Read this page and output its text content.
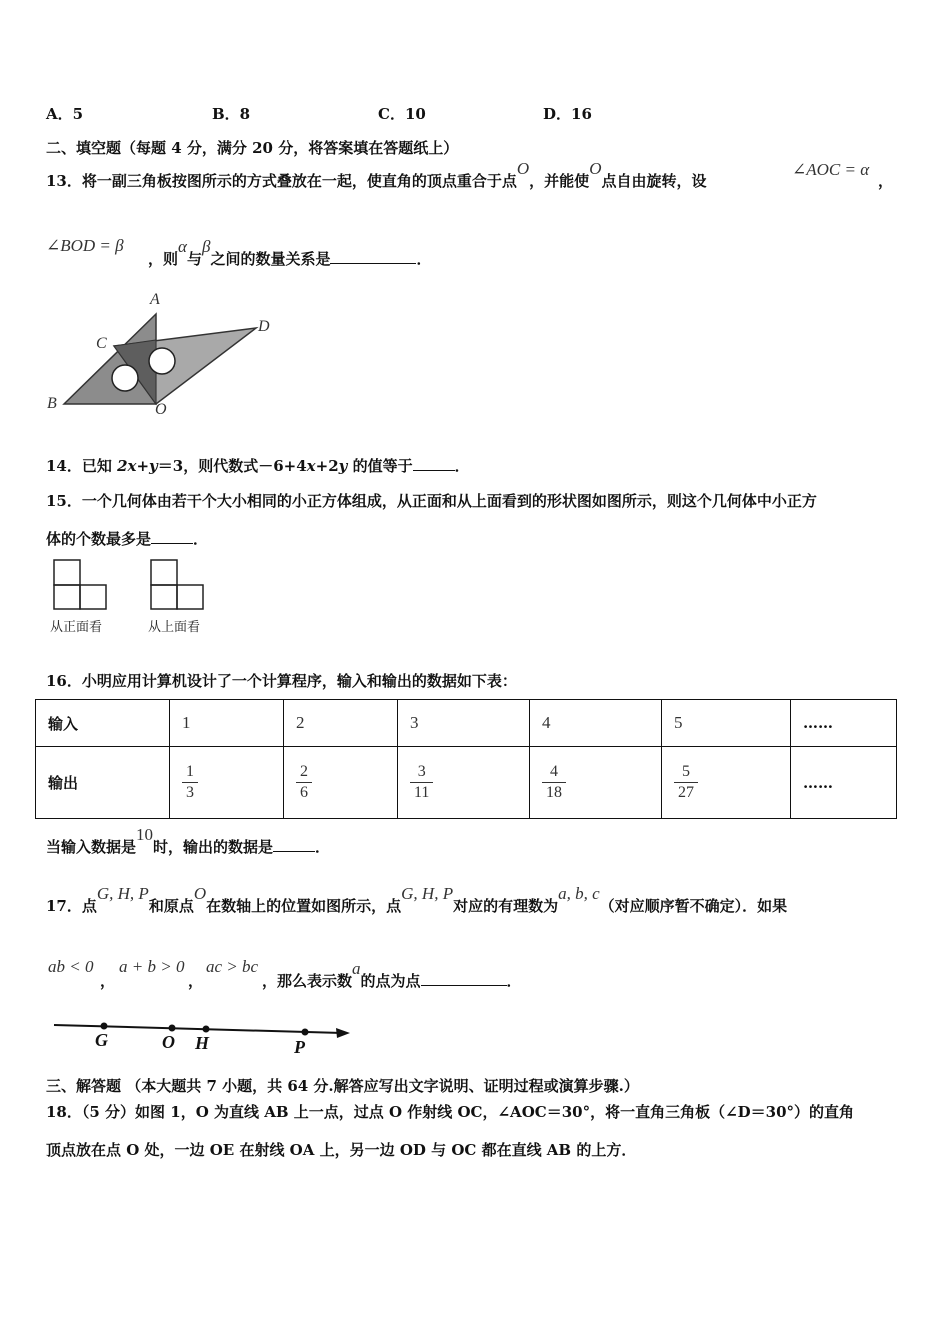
A．5	B．8	C．10	D．16
二、填空题（每题 4 分，满分 20 分，将答案填在答题纸上）
13．将一副三角板按图所示的方式叠放在一起，使直角的顶点重合于点O，并能使O点自由旋转，设
∠AOC = α
，
∠BOD = β
，则α与β之间的数量关系是	．
A
C
D
B	O
14．已知 2x+y＝3，则代数式－6+4x+2y 的值等于	．
15．一个几何体由若干个大小相同的小正方体组成，从正面和从上面看到的形状图如图所示，则这个几何体中小正方
体的个数最多是	．
从正面看	从上面看
16．小明应用计算机设计了一个计算程序，输入和输出的数据如下表：
输入	1	2	3	4	5	……
输出	$\frac{1}{3}$	$\frac{2}{6}$	$\frac{3}{11}$	$\frac{4}{18}$	$\frac{5}{27}$	……
当输入数据是10时，输出的数据是	．
17．点G, H, P和原点O在数轴上的位置如图所示，点G, H, P对应的有理数为a, b, c（对应顺序暂不确定）．如果
ab < 0
，
a + b > 0
，
ac > bc
，那么表示数a的点为点	．
G	O H	P
三、解答题 （本大题共 7 小题，共 64 分.解答应写出文字说明、证明过程或演算步骤.）
18．（5 分）如图 1，O 为直线 AB 上一点，过点 O 作射线 OC，∠AOC＝30°，将一直角三角板（∠D＝30°）的直角
顶点放在点 O 处，一边 OE 在射线 OA 上，另一边 OD 与 OC 都在直线 AB 的上方．
